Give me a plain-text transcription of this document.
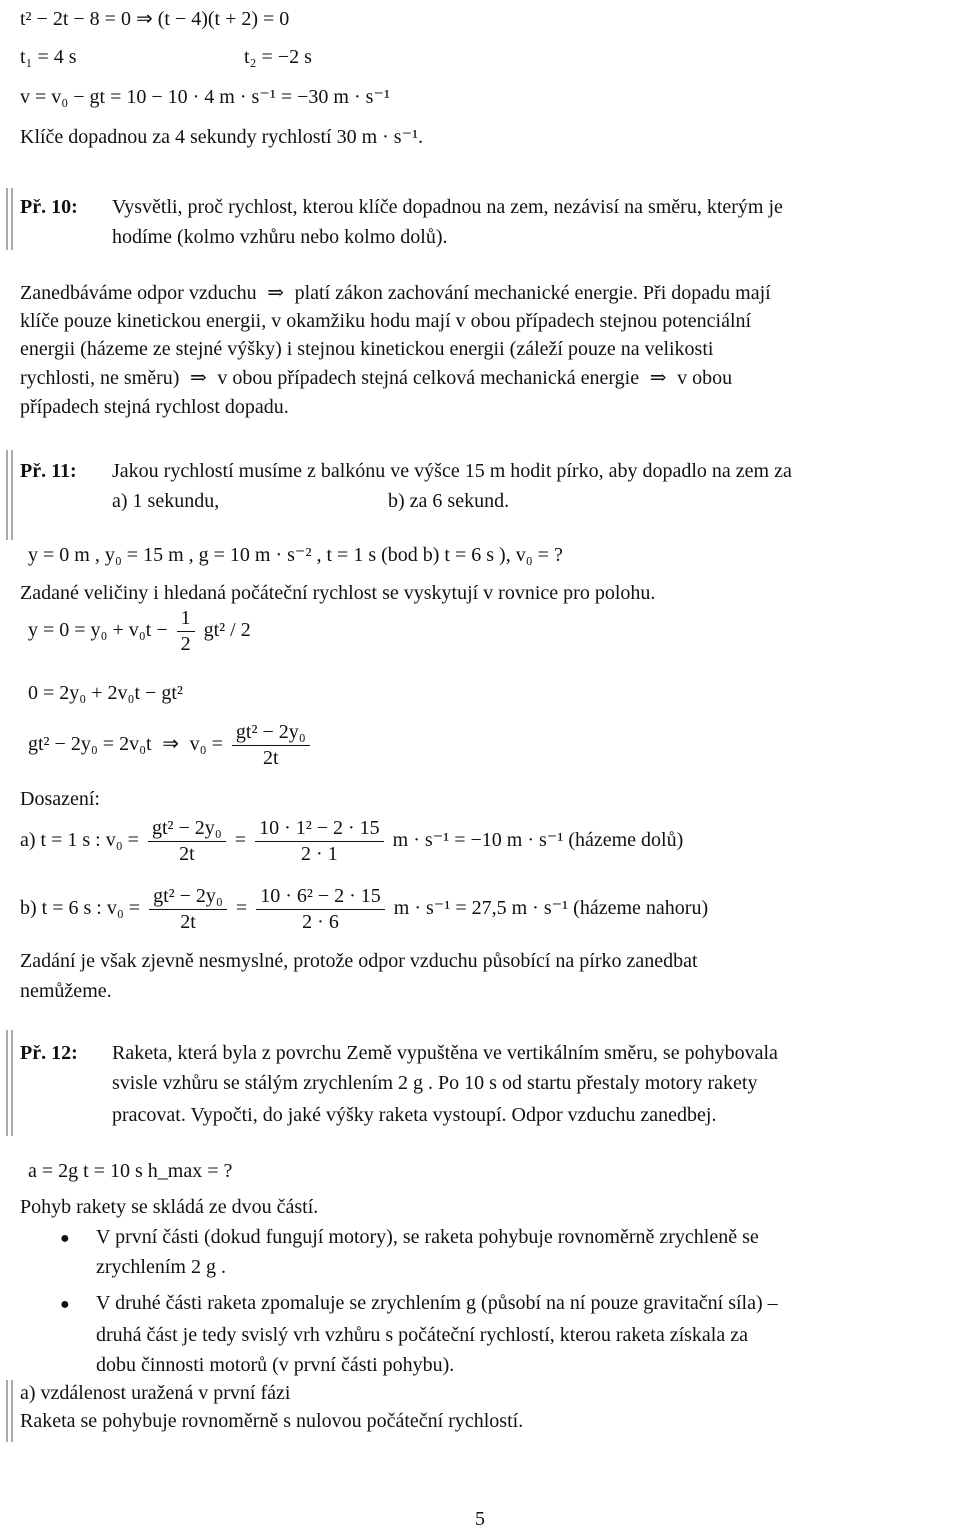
t² − 2t − 8 = 0 ⇒ (t − 4)(t + 2) = 0
t₁ = 4 s	t₂ = −2 s
v = v₀ − gt = 10 − 10 · 4 m · s⁻¹ = −30 m · s⁻¹
Klíče dopadnou za 4 sekundy rychlostí 30 m · s⁻¹.
Př. 10: Vysvětli, proč rychlost, kterou klíče dopadnou na zem, nezávisí na směru, kterým je
hodíme (kolmo vzhůru nebo kolmo dolů).
Zanedbáváme odpor vzduchu ⇒ platí zákon zachování mechanické energie. Při dopadu mají
klíče pouze kinetickou energii, v okamžiku hodu mají v obou případech stejnou potenciální
energii (házeme ze stejné výšky) i stejnou kinetickou energii (záleží pouze na velikosti
rychlosti, ne směru) ⇒ v obou případech stejná celková mechanická energie ⇒ v obou
případech stejná rychlost dopadu.
Př. 11: Jakou rychlostí musíme z balkónu ve výšce 15 m hodit pírko, aby dopadlo na zem za
a) 1 sekundu,	b) za 6 sekund.
y = 0 m , y₀ = 15 m , g = 10 m · s⁻² , t = 1 s (bod b) t = 6 s ), v₀ = ?
Zadané veličiny i hledaná počáteční rychlost se vyskytují v rovnice pro polohu.
$y = 0 = y_0 + v_0t - \frac{1}{2} gt^2 / 2$
0 = 2y₀ + 2v₀t − gt²
gt² − 2y₀ = 2v₀t ⇒ $v_0 = \frac{\text{gt² − 2y₀}}{2t}$
Dosazení:
a) t = 1 s : $v_0 = \frac{\text{gt² − 2y₀}}{2t} = \frac{\text{10 · 1² − 2 · 15}}{2 \cdot 1}$ m · s⁻¹ = −10 m · s⁻¹ (házeme dolů)
b) t = 6 s : $v_0 = \frac{\text{gt² − 2y₀}}{2t} = \frac{\text{10 · 6² − 2 · 15}}{2 \cdot 6}$ m · s⁻¹ = 27,5 m · s⁻¹ (házeme nahoru)
Zadání je však zjevně nesmyslné, protože odpor vzduchu působící na pírko zanedbat
nemůžeme.
Př. 12: Raketa, která byla z povrchu Země vypuštěna ve vertikálním směru, se pohybovala
svisle vzhůru se stálým zrychlením 2 g . Po 10 s od startu přestaly motory rakety
pracovat. Vypočti, do jaké výšky raketa vystoupí. Odpor vzduchu zanedbej.
a = 2g t = 10 s h_max = ?
Pohyb rakety se skládá ze dvou částí.
● V první části (dokud fungují motory), se raketa pohybuje rovnoměrně zrychleně se
zrychlením 2 g .
● V druhé části raketa zpomaluje se zrychlením g (působí na ní pouze gravitační síla) –
druhá část je tedy svislý vrh vzhůru s počáteční rychlostí, kterou raketa získala za
dobu činnosti motorů (v první části pohybu).
a) vzdálenost uražená v první fázi
Raketa se pohybuje rovnoměrně s nulovou počáteční rychlostí.
5
